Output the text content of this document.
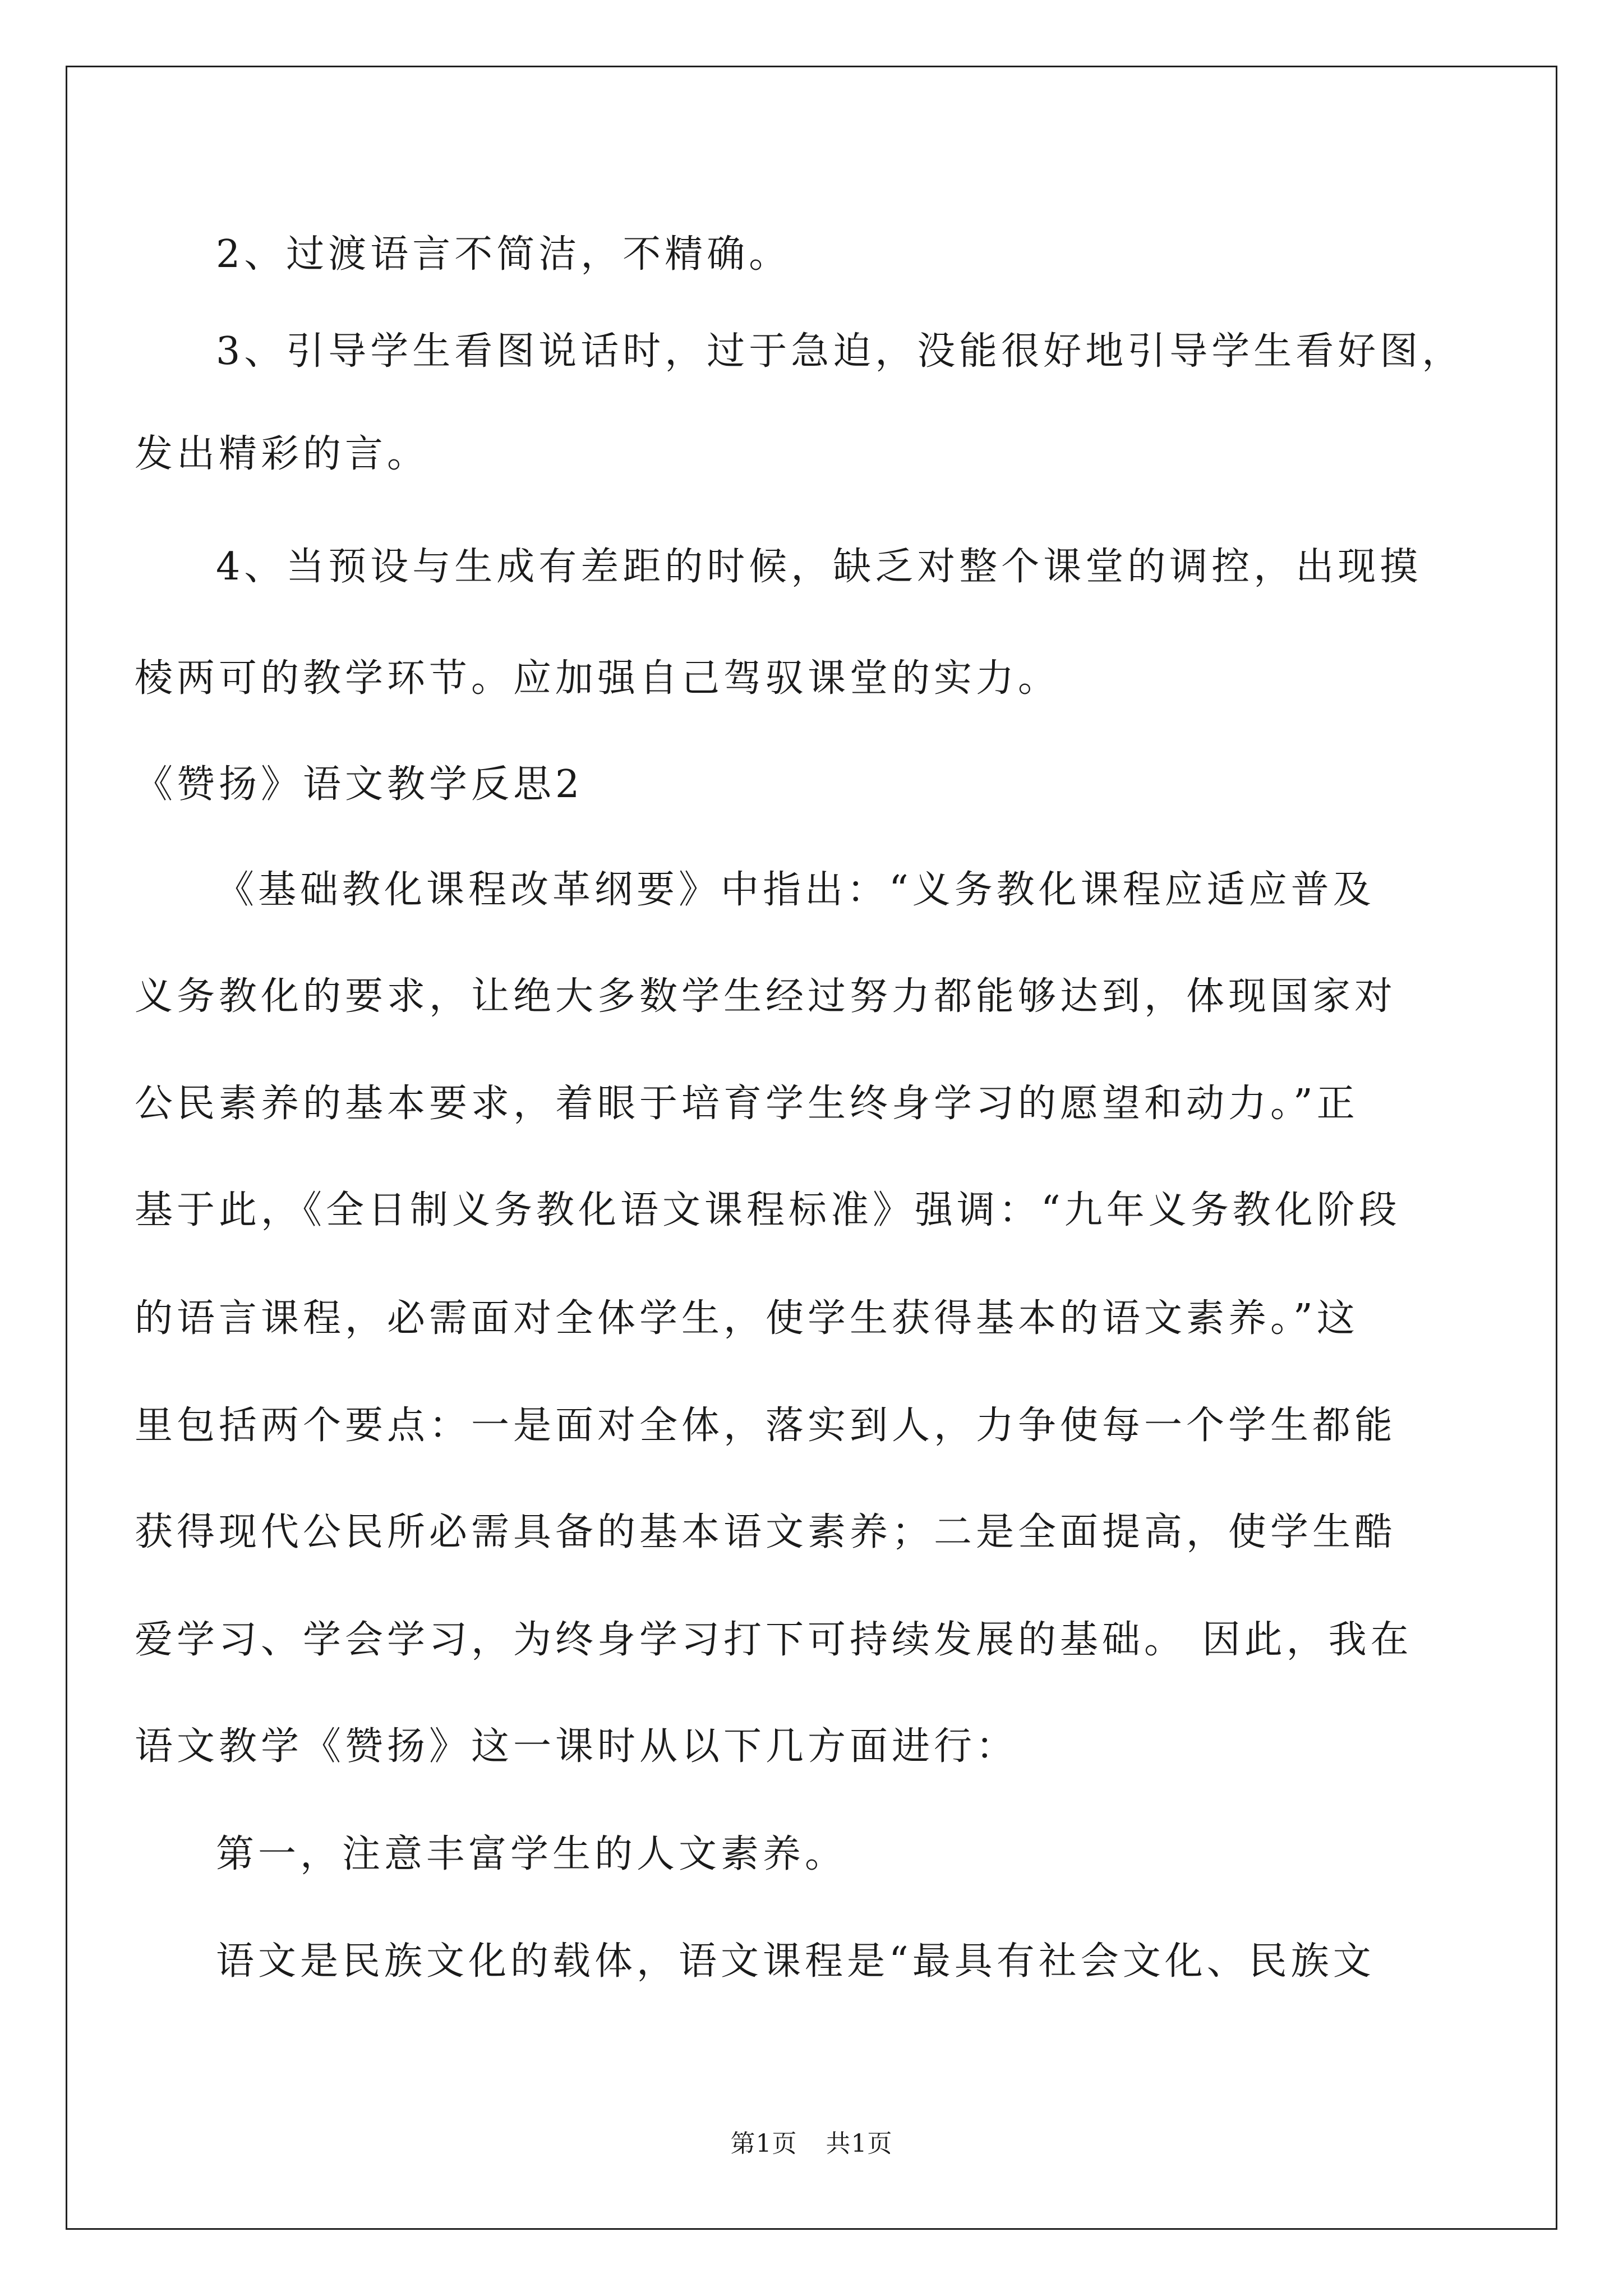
2、过渡语言不简洁，不精确。
3、引导学生看图说话时，过于急迫，没能很好地引导学生看好图，
发出精彩的言。
4、当预设与生成有差距的时候，缺乏对整个课堂的调控，出现摸
棱两可的教学环节。应加强自己驾驭课堂的实力。
《赞扬》语文教学反思2
《基础教化课程改革纲要》中指出：“义务教化课程应适应普及
义务教化的要求，让绝大多数学生经过努力都能够达到，体现国家对
公民素养的基本要求，着眼于培育学生终身学习的愿望和动力。”正
基于此，《全日制义务教化语文课程标准》强调：“九年义务教化阶段
的语言课程，必需面对全体学生，使学生获得基本的语文素养。”这
里包括两个要点：一是面对全体，落实到人，力争使每一个学生都能
获得现代公民所必需具备的基本语文素养；二是全面提高，使学生酷
爱学习、学会学习，为终身学习打下可持续发展的基础。 因此，我在
语文教学《赞扬》这一课时从以下几方面进行：
第一，注意丰富学生的人文素养。
语文是民族文化的载体，语文课程是“最具有社会文化、民族文
第1页 共1页
